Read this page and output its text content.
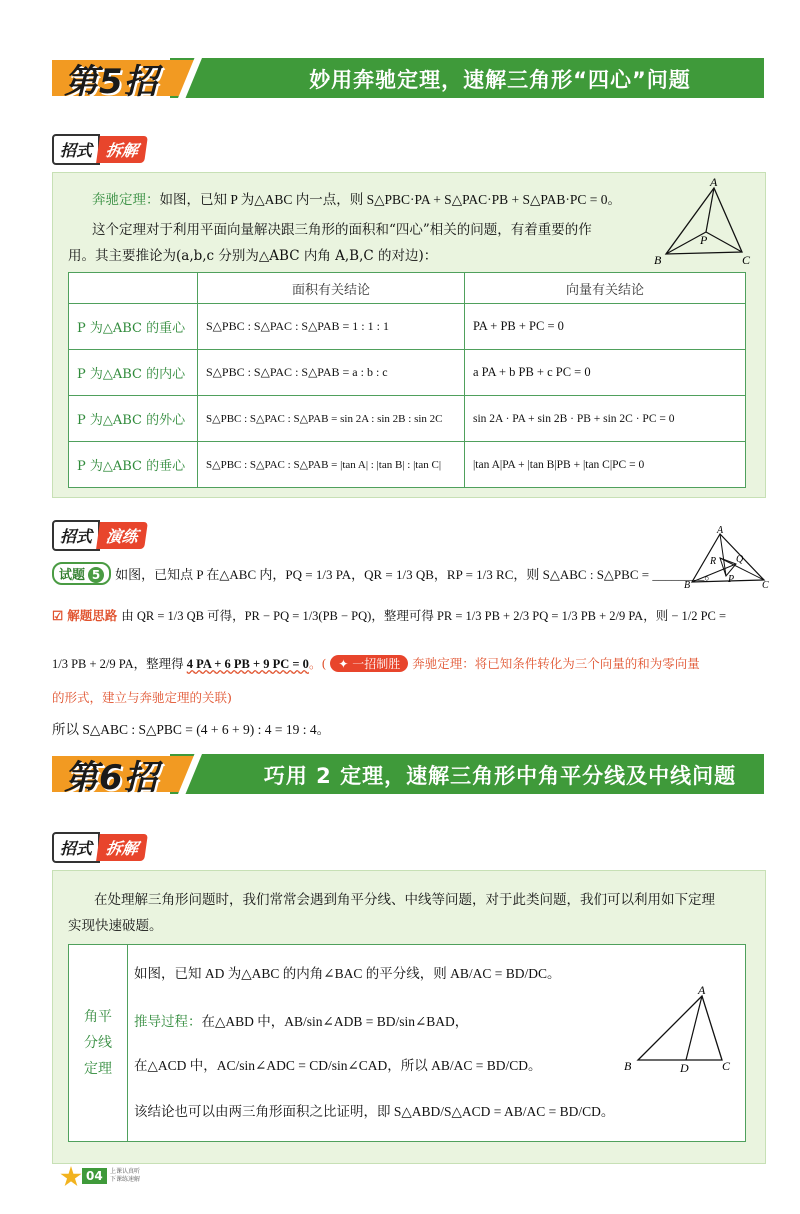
第5招	妙用奔驰定理，速解三角形“四心”问题
招式 拆解
奔驰定理：如图，已知 P 为△ABC 内一点，则 S△PBC·PA + S△PAC·PB + S△PAB·PC = 0。
这个定理对于利用平面向量解决跟三角形的面积和“四心”相关的问题，有着重要的作
用。其主要推论为(a,b,c 分别为△ABC 内角 A,B,C 的对边)：
A
P
B	C
	面积有关结论	向量有关结论
P 为△ABC 的重心	S△PBC : S△PAC : S△PAB = 1 : 1 : 1	PA + PB + PC = 0
P 为△ABC 的内心	S△PBC : S△PAC : S△PAB = a : b : c	a PA + b PB + c PC = 0
P 为△ABC 的外心	S△PBC : S△PAC : S△PAB = sin 2A : sin 2B : sin 2C	sin 2A · PA + sin 2B · PB + sin 2C · PC = 0
P 为△ABC 的垂心	S△PBC : S△PAC : S△PAB = |tan A| : |tan B| : |tan C|	|tan A|PA + |tan B|PB + |tan C|PC = 0
招式 演练
试题 5 如图，已知点 P 在△ABC 内，PQ = 1/3 PA，QR = 1/3 QB，RP = 1/3 RC，则 S△ABC : S△PBC = ________。
A
R Q
P
B	C
☑ 解题思路 由 QR = 1/3 QB 可得，PR − PQ = 1/3(PB − PQ)，整理可得 PR = 1/3 PB + 2/3 PQ = 1/3 PB + 2/9 PA，则 − 1/2 PC =
1/3 PB + 2/9 PA，整理得 4 PA + 6 PB + 9 PC = 0。( ✦ 一招制胜 奔驰定理：将已知条件转化为三个向量的和为零向量
的形式，建立与奔驰定理的关联)
所以 S△ABC : S△PBC = (4 + 6 + 9) : 4 = 19 : 4。
第6招	巧用 2 定理，速解三角形中角平分线及中线问题
招式 拆解
在处理解三角形问题时，我们常常会遇到角平分线、中线等问题，对于此类问题，我们可以利用如下定理
实现快速破题。
角平分线定理
如图，已知 AD 为△ABC 的内角∠BAC 的平分线，则 AB/AC = BD/DC。
推导过程：在△ABD 中，AB/sin∠ADB = BD/sin∠BAD，
在△ACD 中，AC/sin∠ADC = CD/sin∠CAD，所以 AB/AC = BD/CD。
该结论也可以由两三角形面积之比证明，即 S△ABD/S△ACD = AB/AC = BD/CD。
A
B	D	C
04	上课认真听
下课练速解
